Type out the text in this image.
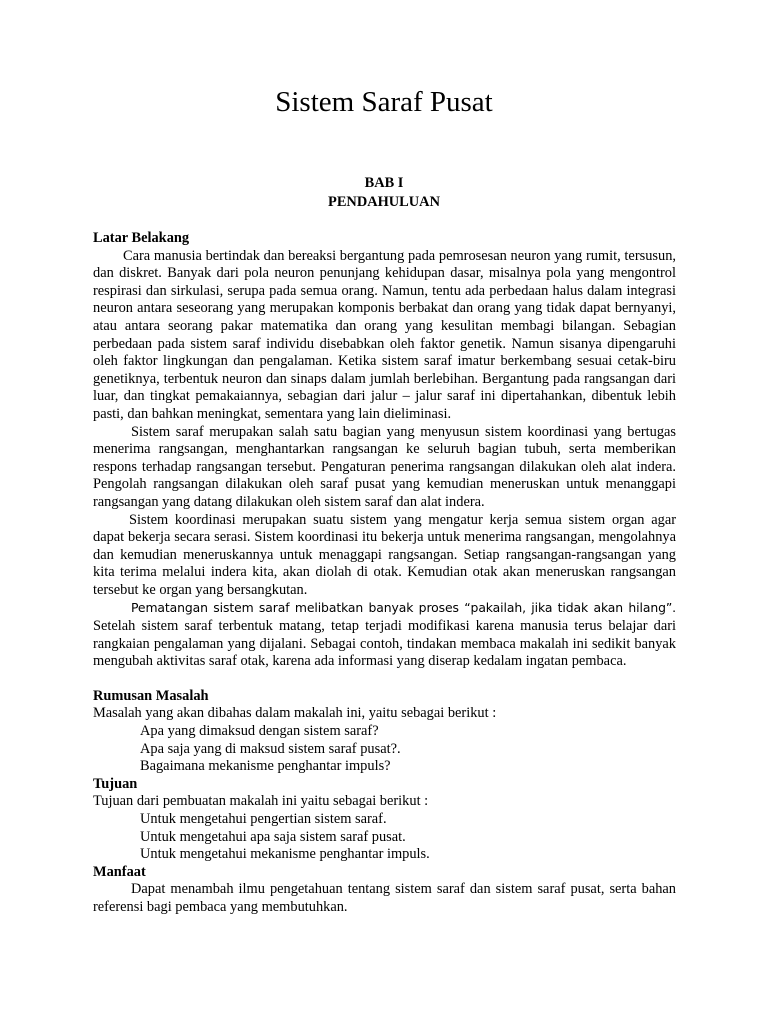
Sistem Saraf Pusat
BAB I
PENDAHULUAN

Latar Belakang

Cara manusia bertindak dan bereaksi bergantung pada pemrosesan neuron yang rumit, tersusun, dan diskret. Banyak dari pola neuron penunjang kehidupan dasar, misalnya pola yang mengontrol respirasi dan sirkulasi, serupa pada semua orang. Namun, tentu ada perbedaan halus dalam integrasi neuron antara seseorang yang merupakan komponis berbakat dan orang yang tidak dapat bernyanyi, atau antara seorang pakar matematika dan orang yang kesulitan membagi bilangan. Sebagian perbedaan pada sistem saraf individu disebabkan oleh faktor genetik. Namun sisanya dipengaruhi oleh faktor lingkungan dan pengalaman. Ketika sistem saraf imatur berkembang sesuai cetak-biru genetiknya, terbentuk neuron dan sinaps dalam jumlah berlebihan. Bergantung pada rangsangan dari luar, dan tingkat pemakaiannya, sebagian dari jalur – jalur saraf ini dipertahankan, dibentuk lebih pasti, dan bahkan meningkat, sementara yang lain dieliminasi.

Sistem saraf merupakan salah satu bagian yang menyusun sistem koordinasi yang bertugas menerima rangsangan, menghantarkan rangsangan ke seluruh bagian tubuh, serta memberikan respons terhadap rangsangan tersebut. Pengaturan penerima rangsangan dilakukan oleh alat indera. Pengolah rangsangan dilakukan oleh saraf pusat yang kemudian meneruskan untuk menanggapi rangsangan yang datang dilakukan oleh sistem saraf dan alat indera.

Sistem koordinasi merupakan suatu sistem yang mengatur kerja semua sistem organ agar dapat bekerja secara serasi. Sistem koordinasi itu bekerja untuk menerima rangsangan, mengolahnya dan kemudian meneruskannya untuk menaggapi rangsangan. Setiap rangsangan-rangsangan yang kita terima melalui indera kita, akan diolah di otak. Kemudian otak akan meneruskan rangsangan tersebut ke organ yang bersangkutan.

Pematangan sistem saraf melibatkan banyak proses “pakailah, jika tidak akan hilang”. Setelah sistem saraf terbentuk matang, tetap terjadi modifikasi karena manusia terus belajar dari rangkaian pengalaman yang dijalani. Sebagai contoh, tindakan membaca makalah ini sedikit banyak mengubah aktivitas saraf otak, karena ada informasi yang diserap kedalam ingatan pembaca.

Rumusan Masalah

Masalah yang akan dibahas dalam makalah ini, yaitu sebagai berikut :

Apa yang dimaksud dengan sistem saraf?

Apa saja yang di maksud sistem saraf pusat?.

Bagaimana mekanisme penghantar impuls?

Tujuan

Tujuan dari pembuatan makalah ini yaitu sebagai berikut :

Untuk mengetahui pengertian sistem saraf.

Untuk mengetahui apa saja sistem saraf pusat.

Untuk mengetahui mekanisme penghantar impuls.

Manfaat

Dapat menambah ilmu pengetahuan tentang sistem saraf dan sistem saraf pusat, serta bahan referensi bagi pembaca yang membutuhkan.
